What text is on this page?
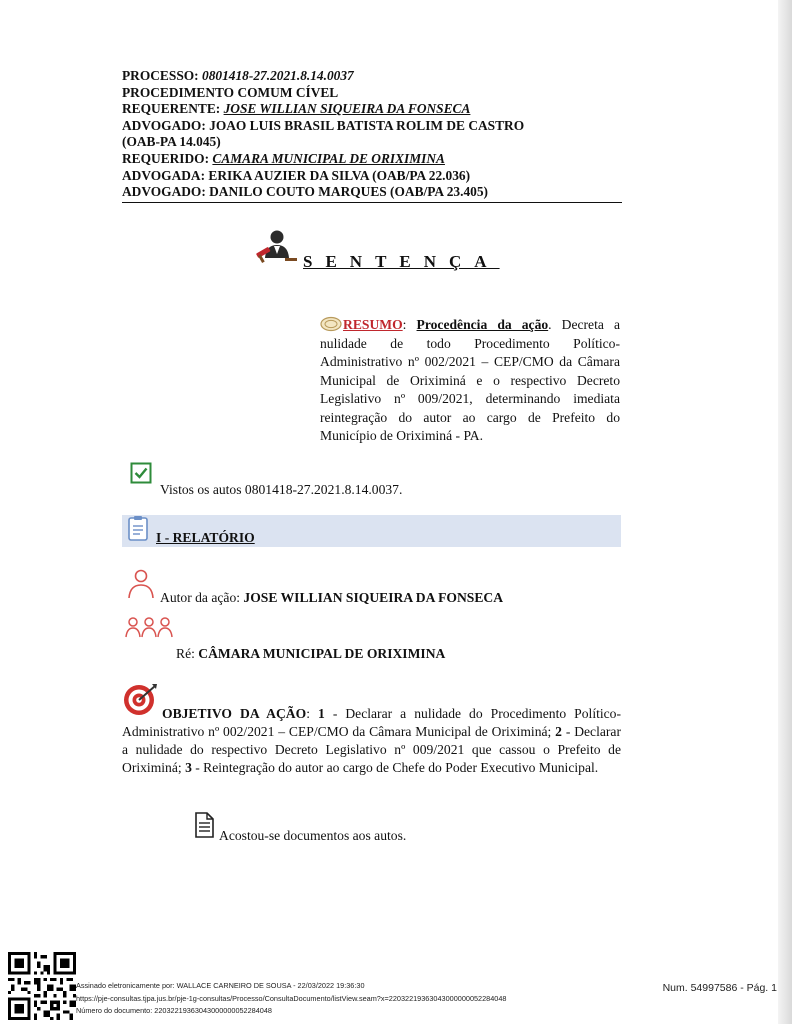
PROCESSO: 0801418-27.2021.8.14.0037
PROCEDIMENTO COMUM CÍVEL
REQUERENTE: JOSE WILLIAN SIQUEIRA DA FONSECA
ADVOGADO: JOAO LUIS BRASIL BATISTA ROLIM DE CASTRO
(OAB-PA 14.045)
REQUERIDO: CAMARA MUNICIPAL DE ORIXIMINA
ADVOGADA: ERIKA AUZIER DA SILVA (OAB/PA 22.036)
ADVOGADO: DANILO COUTO MARQUES (OAB/PA 23.405)
SENTENÇA
RESUMO: Procedência da ação. Decreta a nulidade de todo Procedimento Político-Administrativo nº 002/2021 – CEP/CMO da Câmara Municipal de Oriximiná e o respectivo Decreto Legislativo nº 009/2021, determinando imediata reintegração do autor ao cargo de Prefeito do Município de Oriximiná - PA.
Vistos os autos 0801418-27.2021.8.14.0037.
I - RELATÓRIO
Autor da ação: JOSE WILLIAN SIQUEIRA DA FONSECA
Ré: CÂMARA MUNICIPAL DE ORIXIMINA
OBJETIVO DA AÇÃO: 1 - Declarar a nulidade do Procedimento Político-Administrativo nº 002/2021 – CEP/CMO da Câmara Municipal de Oriximiná; 2 - Declarar a nulidade do respectivo Decreto Legislativo nº 009/2021 que cassou o Prefeito de Oriximiná; 3 - Reintegração do autor ao cargo de Chefe do Poder Executivo Municipal.
Acostou-se documentos aos autos.
Assinado eletronicamente por: WALLACE CARNEIRO DE SOUSA - 22/03/2022 19:36:30
https://pje-consultas.tjpa.jus.br/pje-1g-consultas/Processo/ConsultaDocumento/listView.seam?x=22032219363043000000052284048
Número do documento: 22032219363043000000052284048
Num. 54997586 - Pág. 1
